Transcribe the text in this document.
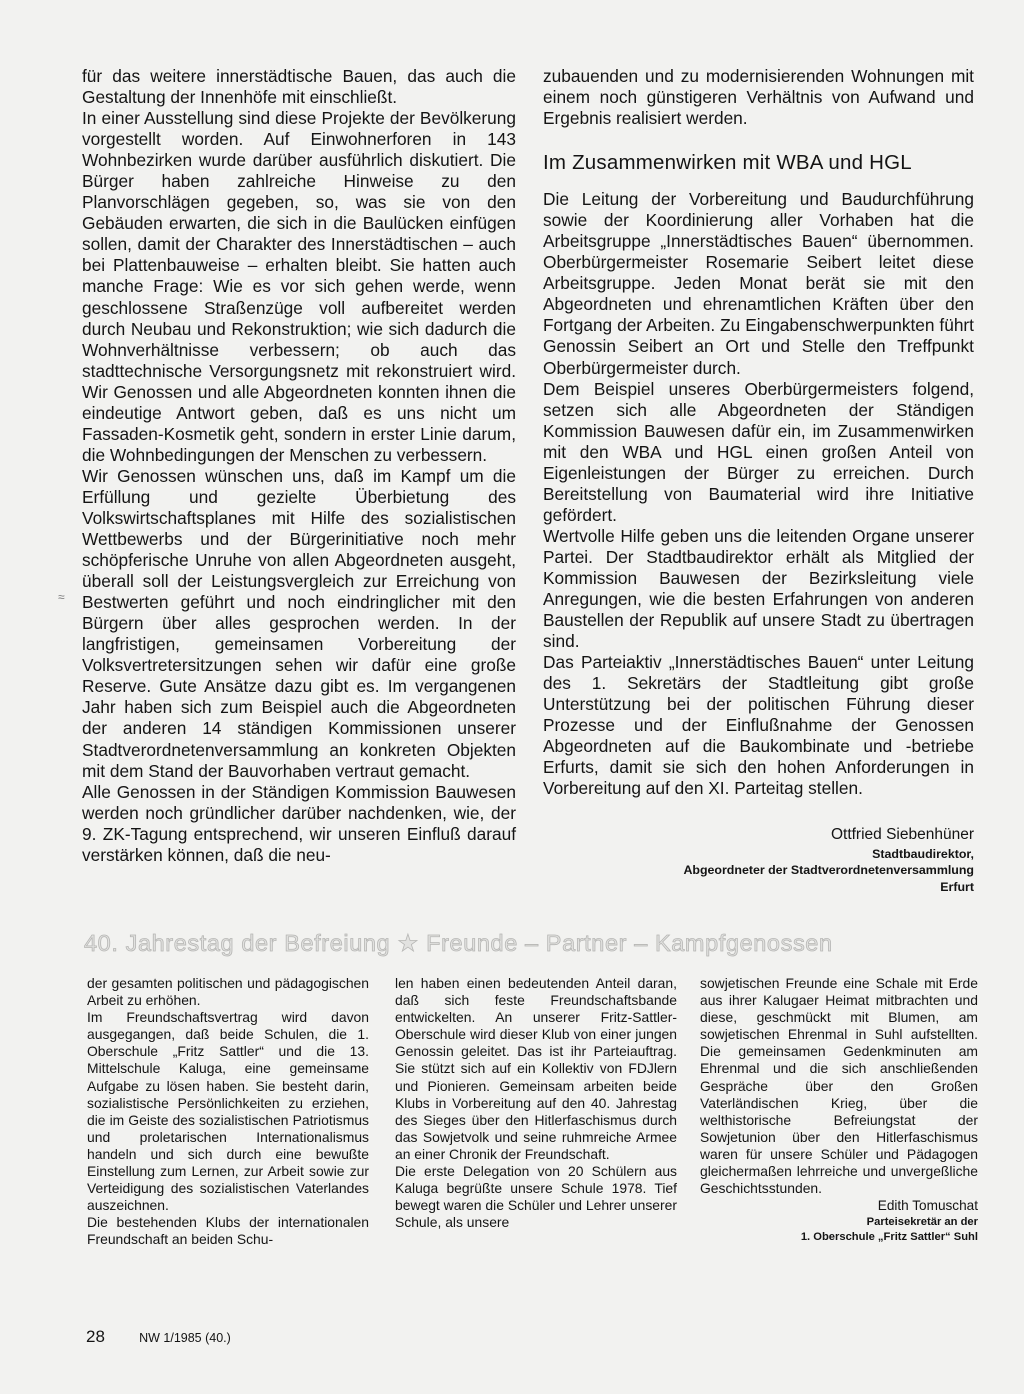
für das weitere innerstädtische Bauen, das auch die Gestaltung der Innenhöfe mit einschließt.

In einer Ausstellung sind diese Projekte der Bevölkerung vorgestellt worden. Auf Einwohnerforen in 143 Wohnbezirken wurde darüber ausführlich diskutiert. Die Bürger haben zahlreiche Hinweise zu den Planvorschlägen gegeben, so, was sie von den Gebäuden erwarten, die sich in die Baulücken einfügen sollen, damit der Charakter des Innerstädtischen – auch bei Plattenbauweise – erhalten bleibt. Sie hatten auch manche Frage: Wie es vor sich gehen werde, wenn geschlossene Straßenzüge voll aufbereitet werden durch Neubau und Rekonstruktion; wie sich dadurch die Wohnverhältnisse verbessern; ob auch das stadttechnische Versorgungsnetz mit rekonstruiert wird. Wir Genossen und alle Abgeordneten konnten ihnen die eindeutige Antwort geben, daß es uns nicht um Fassaden-Kosmetik geht, sondern in erster Linie darum, die Wohnbedingungen der Menschen zu verbessern.

Wir Genossen wünschen uns, daß im Kampf um die Erfüllung und gezielte Überbietung des Volkswirtschaftsplanes mit Hilfe des sozialistischen Wettbewerbs und der Bürgerinitiative noch mehr schöpferische Unruhe von allen Abgeordneten ausgeht, überall soll der Leistungsvergleich zur Erreichung von Bestwerten geführt und noch eindringlicher mit den Bürgern über alles gesprochen werden. In der langfristigen, gemeinsamen Vorbereitung der Volksvertretersitzungen sehen wir dafür eine große Reserve. Gute Ansätze dazu gibt es. Im vergangenen Jahr haben sich zum Beispiel auch die Abgeordneten der anderen 14 ständigen Kommissionen unserer Stadtverordnetenversammlung an konkreten Objekten mit dem Stand der Bauvorhaben vertraut gemacht.

Alle Genossen in der Ständigen Kommission Bauwesen werden noch gründlicher darüber nachdenken, wie, der 9. ZK-Tagung entsprechend, wir unseren Einfluß darauf verstärken können, daß die neu-

zubauenden und zu modernisierenden Wohnungen mit einem noch günstigeren Verhältnis von Aufwand und Ergebnis realisiert werden.

Im Zusammenwirken mit WBA und HGL

Die Leitung der Vorbereitung und Baudurchführung sowie der Koordinierung aller Vorhaben hat die Arbeitsgruppe „Innerstädtisches Bauen“ übernommen. Oberbürgermeister Rosemarie Seibert leitet diese Arbeitsgruppe. Jeden Monat berät sie mit den Abgeordneten und ehrenamtlichen Kräften über den Fortgang der Arbeiten. Zu Eingabenschwerpunkten führt Genossin Seibert an Ort und Stelle den Treffpunkt Oberbürgermeister durch.

Dem Beispiel unseres Oberbürgermeisters folgend, setzen sich alle Abgeordneten der Ständigen Kommission Bauwesen dafür ein, im Zusammenwirken mit den WBA und HGL einen großen Anteil von Eigenleistungen der Bürger zu erreichen. Durch Bereitstellung von Baumaterial wird ihre Initiative gefördert.

Wertvolle Hilfe geben uns die leitenden Organe unserer Partei. Der Stadtbaudirektor erhält als Mitglied der Kommission Bauwesen der Bezirksleitung viele Anregungen, wie die besten Erfahrungen von anderen Baustellen der Republik auf unsere Stadt zu übertragen sind.

Das Parteiaktiv „Innerstädtisches Bauen“ unter Leitung des 1. Sekretärs der Stadtleitung gibt große Unterstützung bei der politischen Führung dieser Prozesse und der Einflußnahme der Genossen Abgeordneten auf die Baukombinate und -betriebe Erfurts, damit sie sich den hohen Anforderungen in Vorbereitung auf den XI. Parteitag stellen.

Ottfried Siebenhüner
Stadtbaudirektor,
Abgeordneter der Stadtverordnetenversammlung
Erfurt
≈
40. Jahrestag der Befreiung ★ Freunde – Partner – Kampfgenossen

der gesamten politischen und pädagogischen Arbeit zu erhöhen.

Im Freundschaftsvertrag wird davon ausgegangen, daß beide Schulen, die 1. Oberschule „Fritz Sattler“ und die 13. Mittelschule Kaluga, eine gemeinsame Aufgabe zu lösen haben. Sie besteht darin, sozialistische Persönlichkeiten zu erziehen, die im Geiste des sozialistischen Patriotismus und proletarischen Internationalismus handeln und sich durch eine bewußte Einstellung zum Lernen, zur Arbeit sowie zur Verteidigung des sozialistischen Vaterlandes auszeichnen.

Die bestehenden Klubs der internationalen Freundschaft an beiden Schu-

len haben einen bedeutenden Anteil daran, daß sich feste Freundschaftsbande entwickelten. An unserer Fritz-Sattler-Oberschule wird dieser Klub von einer jungen Genossin geleitet. Das ist ihr Parteiauftrag. Sie stützt sich auf ein Kollektiv von FDJlern und Pionieren. Gemeinsam arbeiten beide Klubs in Vorbereitung auf den 40. Jahrestag des Sieges über den Hitlerfaschismus durch das Sowjetvolk und seine ruhmreiche Armee an einer Chronik der Freundschaft.

Die erste Delegation von 20 Schülern aus Kaluga begrüßte unsere Schule 1978. Tief bewegt waren die Schüler und Lehrer unserer Schule, als unsere

sowjetischen Freunde eine Schale mit Erde aus ihrer Kalugaer Heimat mitbrachten und diese, geschmückt mit Blumen, am sowjetischen Ehrenmal in Suhl aufstellten. Die gemeinsamen Gedenkminuten am Ehrenmal und die sich anschließenden Gespräche über den Großen Vaterländischen Krieg, über die welthistorische Befreiungstat der Sowjetunion über den Hitlerfaschismus waren für unsere Schüler und Pädagogen gleichermaßen lehrreiche und unvergeßliche Geschichtsstunden.

Edith Tomuschat
Parteisekretär an der
1. Oberschule „Fritz Sattler“ Suhl
28	NW 1/1985 (40.)
